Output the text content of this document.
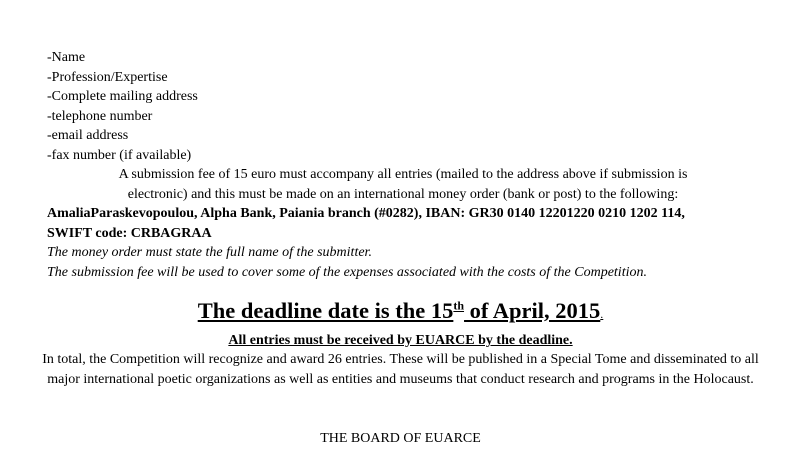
-Name
-Profession/Expertise
-Complete mailing address
-telephone number
-email address
-fax number (if available)
A submission fee of 15 euro must accompany all entries (mailed to the address above if submission is
electronic) and this must be made on an international money order (bank or post) to the following:
AmaliaParaskevopoulou, Alpha Bank, Paiania branch (#0282), IBAN: GR30 0140 12201220 0210 1202 114,
SWIFT code: CRBAGRAA
The money order must state the full name of the submitter.
The submission fee will be used to cover some of the expenses associated with the costs of the Competition.
The deadline date is the 15th of April, 2015.
All entries must be received by EUARCE by the deadline.
In total, the Competition will recognize and award 26 entries. These will be published in a Special Tome and disseminated to all major international poetic organizations as well as entities and museums that conduct research and programs in the Holocaust.
THE BOARD OF EUARCE
